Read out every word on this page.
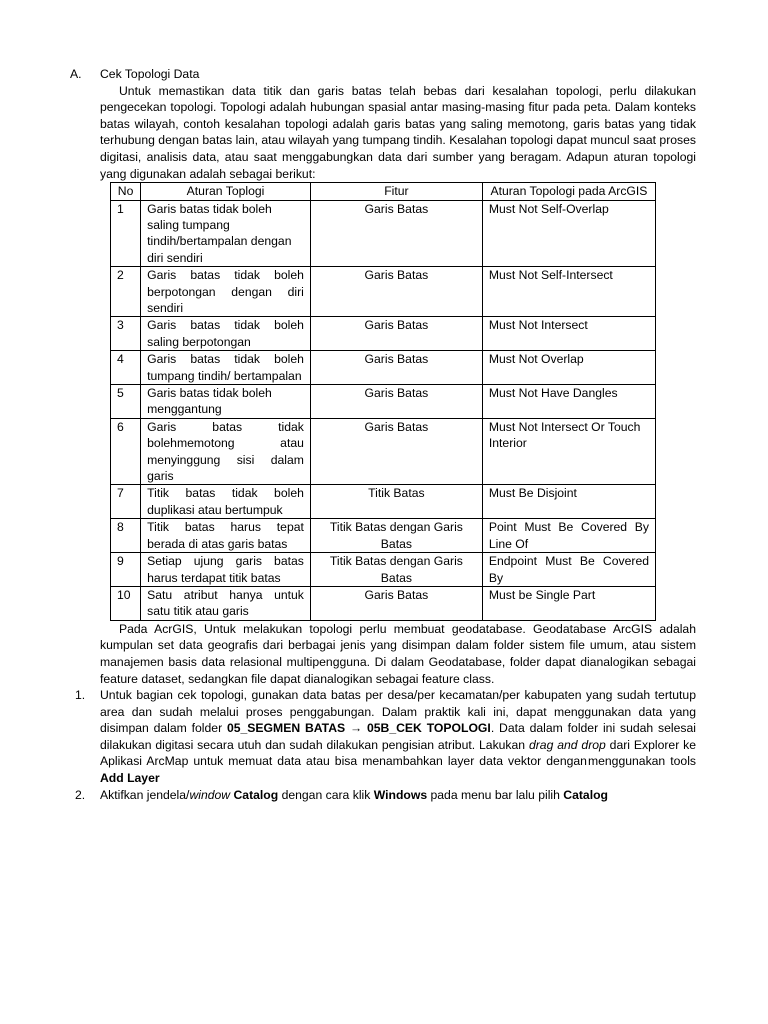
A.	Cek Topologi Data
Untuk memastikan data titik dan garis batas telah bebas dari kesalahan topologi, perlu dilakukan pengecekan topologi. Topologi adalah hubungan spasial antar masing-masing fitur pada peta. Dalam konteks batas wilayah, contoh kesalahan topologi adalah garis batas yang saling memotong, garis batas yang tidak terhubung dengan batas lain, atau wilayah yang tumpang tindih. Kesalahan topologi dapat muncul saat proses digitasi, analisis data, atau saat menggabungkan data dari sumber yang beragam. Adapun aturan topologi yang digunakan adalah sebagai berikut:
No	Aturan Toplogi	Fitur	Aturan Topologi pada ArcGIS
1	Garis batas tidak boleh saling tumpang tindih/bertampalan dengan diri sendiri	Garis Batas	Must Not Self-Overlap
2	Garis batas tidak boleh berpotongan dengan diri sendiri	Garis Batas	Must Not Self-Intersect
3	Garis batas tidak boleh saling berpotongan	Garis Batas	Must Not Intersect
4	Garis batas tidak boleh tumpang tindih/ bertampalan	Garis Batas	Must Not Overlap
5	Garis batas tidak boleh menggantung	Garis Batas	Must Not Have Dangles
6	Garis batas tidak bolehmemotong atau menyinggung sisi dalam garis	Garis Batas	Must Not Intersect Or Touch Interior
7	Titik batas tidak boleh duplikasi atau bertumpuk	Titik Batas	Must Be Disjoint
8	Titik batas harus tepat berada di atas garis batas	Titik Batas dengan Garis Batas	Point Must Be Covered By Line Of
9	Setiap ujung garis batas harus terdapat titik batas	Titik Batas dengan Garis Batas	Endpoint Must Be Covered By
10	Satu atribut hanya untuk satu titik atau garis	Garis Batas	Must be Single Part
Pada AcrGIS, Untuk melakukan topologi perlu membuat geodatabase. Geodatabase ArcGIS adalah kumpulan set data geografis dari berbagai jenis yang disimpan dalam folder sistem file umum, atau sistem manajemen basis data relasional multipengguna. Di dalam Geodatabase, folder dapat dianalogikan sebagai feature dataset, sedangkan file dapat dianalogikan sebagai feature class.
1.	Untuk bagian cek topologi, gunakan data batas per desa/per kecamatan/per kabupaten yang sudah tertutup area dan sudah melalui proses penggabungan. Dalam praktik kali ini, dapat menggunakan data yang disimpan dalam folder 05_SEGMEN BATAS → 05B_CEK TOPOLOGI. Data dalam folder ini sudah selesai dilakukan digitasi secara utuh dan sudah dilakukan pengisian atribut. Lakukan drag and drop dari Explorer ke Aplikasi ArcMap untuk memuat data atau bisa menambahkan layer data vektor dengan menggunakan tools Add Layer
2.	Aktifkan jendela/window Catalog dengan cara klik Windows pada menu bar lalu pilih Catalog
